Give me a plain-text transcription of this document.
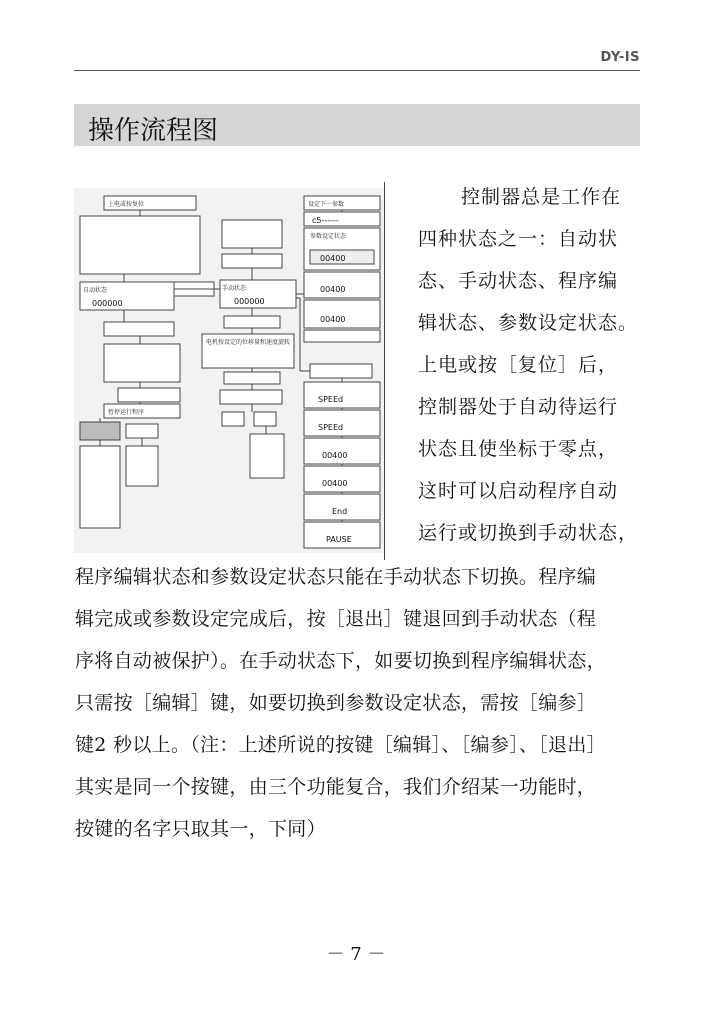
DY-IS
操作流程图
上电或按复位
自动状态	手动状态
参数设定状态
设定下一参数
电机按设定的位移量和速度旋转
暂停运行程序
000000	000000
c5------
00400
00400
00400
SPEEd
SPEEd
00400
00400
End
PAUSE
控制器总是工作在
四种状态之一：自动状
态、手动状态、程序编
辑状态、参数设定状态。
上电或按［复位］后，
控制器处于自动待运行
状态且使坐标于零点，
这时可以启动程序自动
运行或切换到手动状态，
程序编辑状态和参数设定状态只能在手动状态下切换。程序编
辑完成或参数设定完成后，按［退出］键退回到手动状态（程
序将自动被保护）。在手动状态下，如要切换到程序编辑状态，
只需按［编辑］键，如要切换到参数设定状态，需按［编参］
键2 秒以上。（注：上述所说的按键［编辑］、［编参］、［退出］
其实是同一个按键，由三个功能复合，我们介绍某一功能时，
按键的名字只取其一，下同）
－ 7 －
